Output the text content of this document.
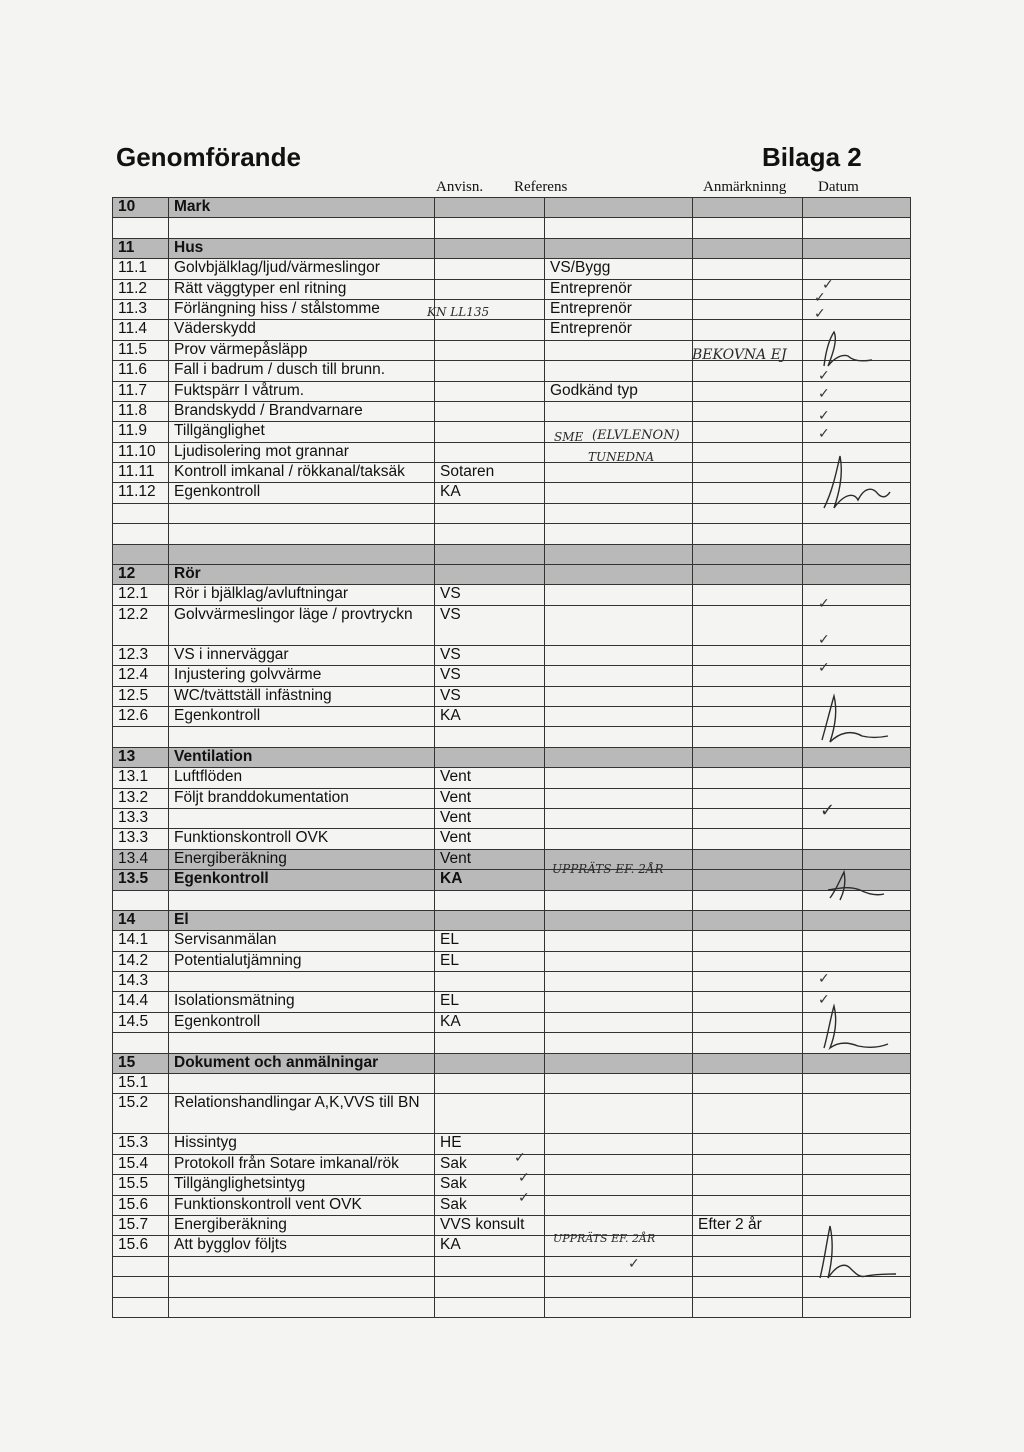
Genomförande	Bilaga 2
Anvisn. Referens	Anmärkninng Datum
10	Mark				

11	Hus				
11.1	Golvbjälklag/ljud/värmeslingor		VS/Bygg		
11.2	Rätt väggtyper enl ritning		Entreprenör		
11.3	Förlängning hiss / stålstomme		Entreprenör		
11.4	Väderskydd		Entreprenör		
11.5	Prov värmepåsläpp				
11.6	Fall i badrum / dusch till brunn.				
11.7	Fuktspärr I våtrum.		Godkänd typ		
11.8	Brandskydd / Brandvarnare				
11.9	Tillgänglighet				
11.10	Ljudisolering mot grannar				
11.11	Kontroll imkanal / rökkanal/taksäk	Sotaren			
11.12	Egenkontroll	KA			

12	Rör				
12.1	Rör i bjälklag/avluftningar	VS			
12.2	Golvvärmeslingor läge / provtryckn	VS			
12.3	VS i innerväggar	VS			
12.4	Injustering golvvärme	VS			
12.5	WC/tvättställ infästning	VS			
12.6	Egenkontroll	KA			

13	Ventilation				
13.1	Luftflöden	Vent			
13.2	Följt branddokumentation	Vent			
13.3		Vent			
13.3	Funktionskontroll OVK	Vent			
13.4	Energiberäkning	Vent			
13.5	Egenkontroll	KA			

14	El				
14.1	Servisanmälan	EL			
14.2	Potentialutjämning	EL			
14.3					
14.4	Isolationsmätning	EL			
14.5	Egenkontroll	KA			

15	Dokument och anmälningar				
15.1					
15.2	Relationshandlingar A,K,VVS till BN				
15.3	Hissintyg	HE			
15.4	Protokoll från Sotare imkanal/rök	Sak			
15.5	Tillgänglighetsintyg	Sak			
15.6	Funktionskontroll vent OVK	Sak			
15.7	Energiberäkning	VVS konsult		Efter 2 år	
15.6	Att bygglov följts	KA			

KN LL135
BEKOVNA EJ
SME (ELVLENON)
TUNEDNA
UPPRÄTS EF. 2ÅR
UPPRÄTS EF. 2ÅR
✓
✓
✓
✓
✓
✓
✓
✓
✓
✓
✓
✓
✓
✓
✓
✓
✓
